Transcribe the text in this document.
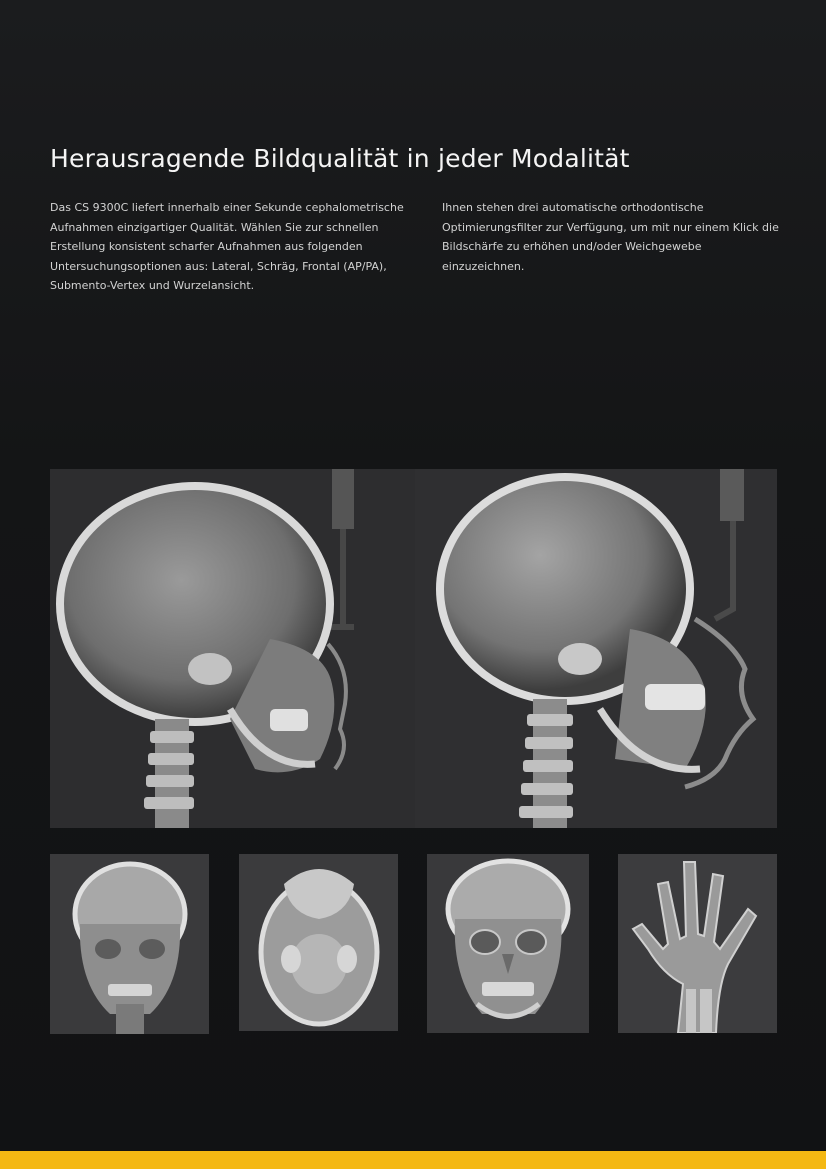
Herausragende Bildqualität in jeder Modalität

Das CS 9300C liefert innerhalb einer Sekunde cephalometrische Aufnahmen einzigartiger Qualität. Wählen Sie zur schnellen Erstellung konsistent scharfer Aufnahmen aus folgenden Untersuchungsoptionen aus: Lateral, Schräg, Frontal (AP/PA), Submento-Vertex und Wurzelansicht.

Ihnen stehen drei automatische orthodontische Optimierungsfilter zur Verfügung, um mit nur einem Klick die Bildschärfe zu erhöhen und/oder Weichgewebe einzuzeichnen.
